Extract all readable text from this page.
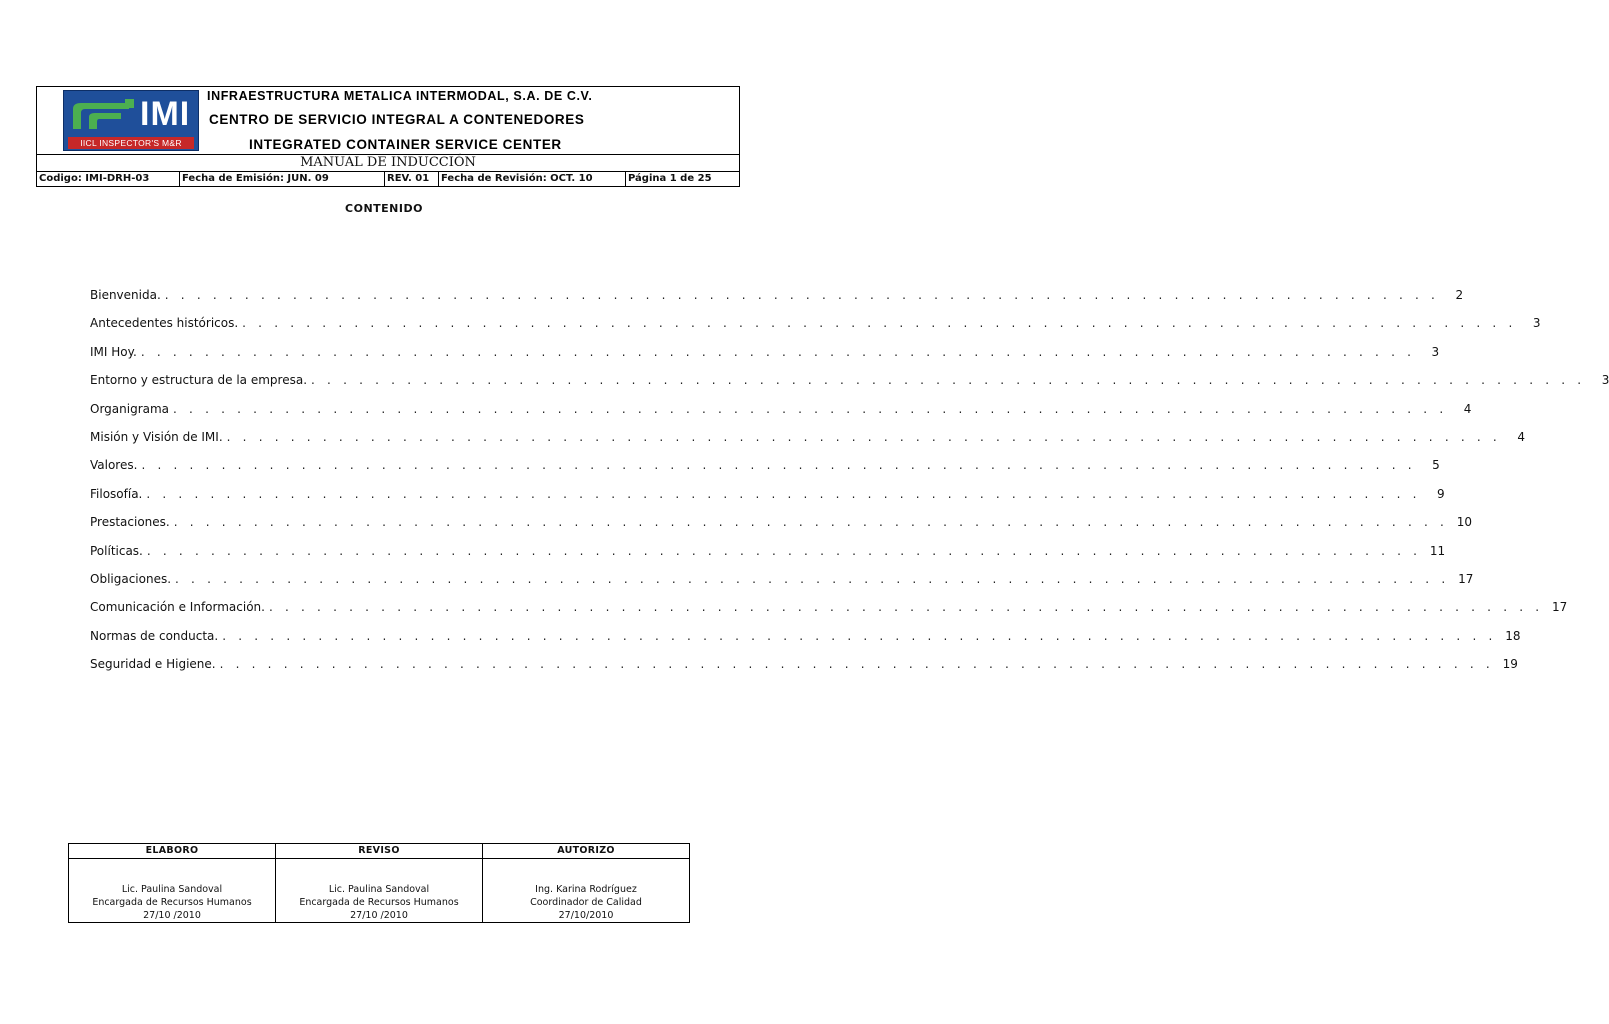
IMI
IICL INSPECTOR'S M&R
INFRAESTRUCTURA METALICA INTERMODAL, S.A. DE C.V.
CENTRO DE SERVICIO INTEGRAL A CONTENEDORES
INTEGRATED CONTAINER SERVICE CENTER
MANUAL DE INDUCCIÓN
Codigo: IMI-DRH-03	Fecha de Emisión: JUN. 09	REV. 01	Fecha de Revisión: OCT. 10	Página 1 de 25
CONTENIDO
Bienvenida. . . . . . . . . . . . . . . . . . . . . . . . . . . . . . . . . . . . . . . . . . . . . . . . . . . . . . . . . . . . . . . . . . . . . . . . . . . . . . . . .	2
Antecedentes históricos. . . . . . . . . . . . . . . . . . . . . . . . . . . . . . . . . . . . . . . . . . . . . . . . . . . . . . . . . . . . . . . . . . . . . . . . . . . . . . . . .	3
IMI Hoy. . . . . . . . . . . . . . . . . . . . . . . . . . . . . . . . . . . . . . . . . . . . . . . . . . . . . . . . . . . . . . . . . . . . . . . . . . . . . . . . .	3
Entorno y estructura de la empresa. . . . . . . . . . . . . . . . . . . . . . . . . . . . . . . . . . . . . . . . . . . . . . . . . . . . . . . . . . . . . . . . . . . . . . . . . . . . . . . . .	3
Organigrama . . . . . . . . . . . . . . . . . . . . . . . . . . . . . . . . . . . . . . . . . . . . . . . . . . . . . . . . . . . . . . . . . . . . . . . . . . . . . . . .	4
Misión y Visión de IMI. . . . . . . . . . . . . . . . . . . . . . . . . . . . . . . . . . . . . . . . . . . . . . . . . . . . . . . . . . . . . . . . . . . . . . . . . . . . . . . . .	4
Valores. . . . . . . . . . . . . . . . . . . . . . . . . . . . . . . . . . . . . . . . . . . . . . . . . . . . . . . . . . . . . . . . . . . . . . . . . . . . . . . . .	5
Filosofía. . . . . . . . . . . . . . . . . . . . . . . . . . . . . . . . . . . . . . . . . . . . . . . . . . . . . . . . . . . . . . . . . . . . . . . . . . . . . . . . .	9
Prestaciones. . . . . . . . . . . . . . . . . . . . . . . . . . . . . . . . . . . . . . . . . . . . . . . . . . . . . . . . . . . . . . . . . . . . . . . . . . . . . . . . . 10
Políticas. . . . . . . . . . . . . . . . . . . . . . . . . . . . . . . . . . . . . . . . . . . . . . . . . . . . . . . . . . . . . . . . . . . . . . . . . . . . . . . . . 11
Obligaciones. . . . . . . . . . . . . . . . . . . . . . . . . . . . . . . . . . . . . . . . . . . . . . . . . . . . . . . . . . . . . . . . . . . . . . . . . . . . . . . . . 17
Comunicación e Información. . . . . . . . . . . . . . . . . . . . . . . . . . . . . . . . . . . . . . . . . . . . . . . . . . . . . . . . . . . . . . . . . . . . . . . . . . . . . . . . . 17
Normas de conducta. . . . . . . . . . . . . . . . . . . . . . . . . . . . . . . . . . . . . . . . . . . . . . . . . . . . . . . . . . . . . . . . . . . . . . . . . . . . . . . . . 18
Seguridad e Higiene. . . . . . . . . . . . . . . . . . . . . . . . . . . . . . . . . . . . . . . . . . . . . . . . . . . . . . . . . . . . . . . . . . . . . . . . . . . . . . . . . 19
ELABORO
Lic. Paulina Sandoval
Encargada de Recursos Humanos
27/10 /2010
REVISO
Lic. Paulina Sandoval
Encargada de Recursos Humanos
27/10 /2010
AUTORIZO
Ing. Karina Rodríguez
Coordinador de Calidad
27/10/2010
